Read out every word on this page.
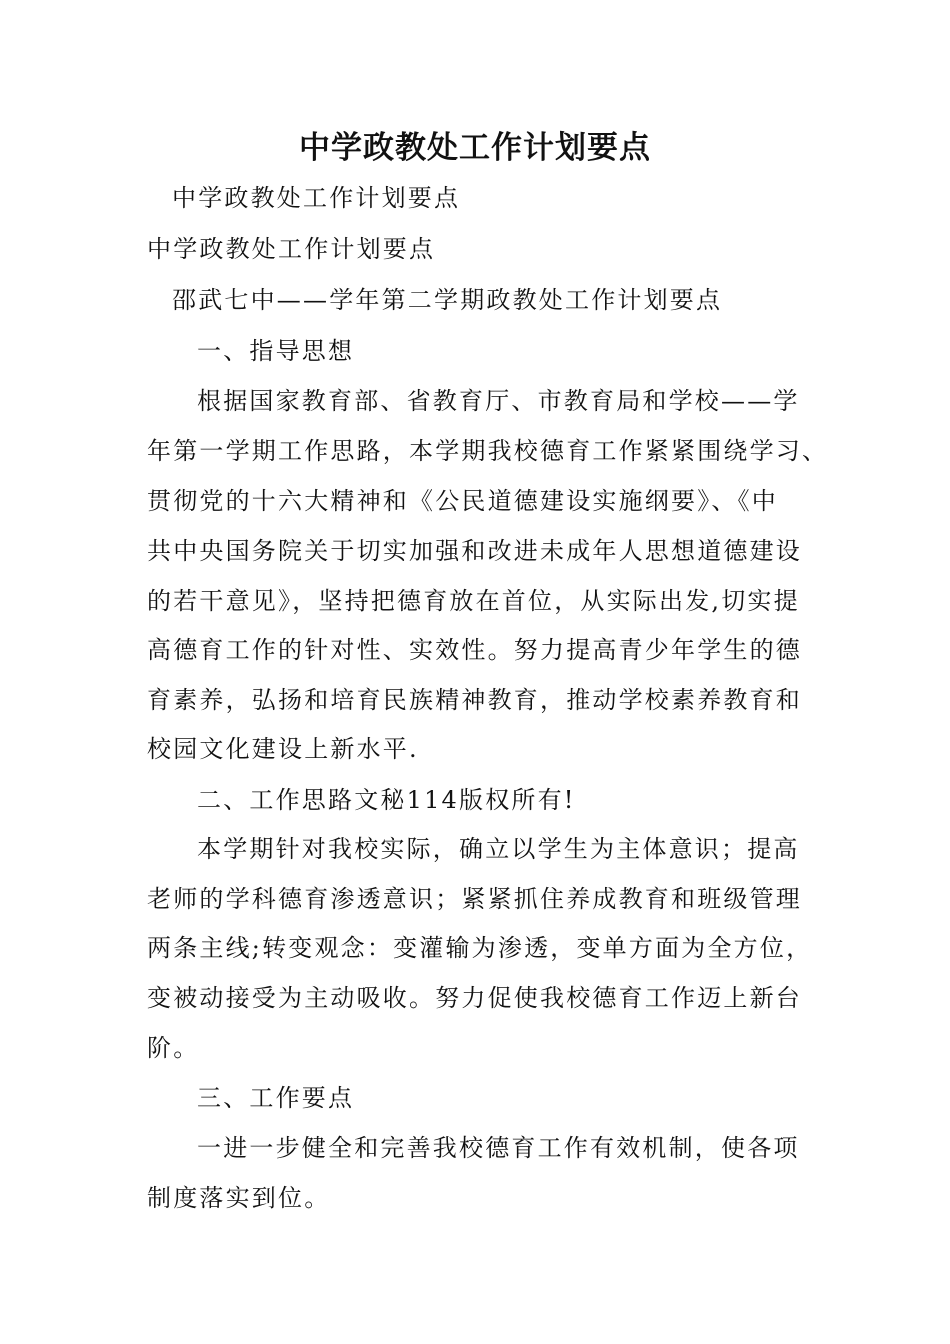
中学政教处工作计划要点
中学政教处工作计划要点
中学政教处工作计划要点
邵武七中——学年第二学期政教处工作计划要点
一、指导思想
根据国家教育部、省教育厅、市教育局和学校——学
年第一学期工作思路，本学期我校德育工作紧紧围绕学习、
贯彻党的十六大精神和《公民道德建设实施纲要》、《中
共中央国务院关于切实加强和改进未成年人思想道德建设
的若干意见》，坚持把德育放在首位，从实际出发,切实提
高德育工作的针对性、实效性。努力提高青少年学生的德
育素养，弘扬和培育民族精神教育，推动学校素养教育和
校园文化建设上新水平.
二、工作思路文秘114版权所有!
本学期针对我校实际，确立以学生为主体意识；提高
老师的学科德育渗透意识；紧紧抓住养成教育和班级管理
两条主线;转变观念：变灌输为渗透，变单方面为全方位，
变被动接受为主动吸收。努力促使我校德育工作迈上新台
阶。
三、工作要点
一进一步健全和完善我校德育工作有效机制，使各项
制度落实到位。
